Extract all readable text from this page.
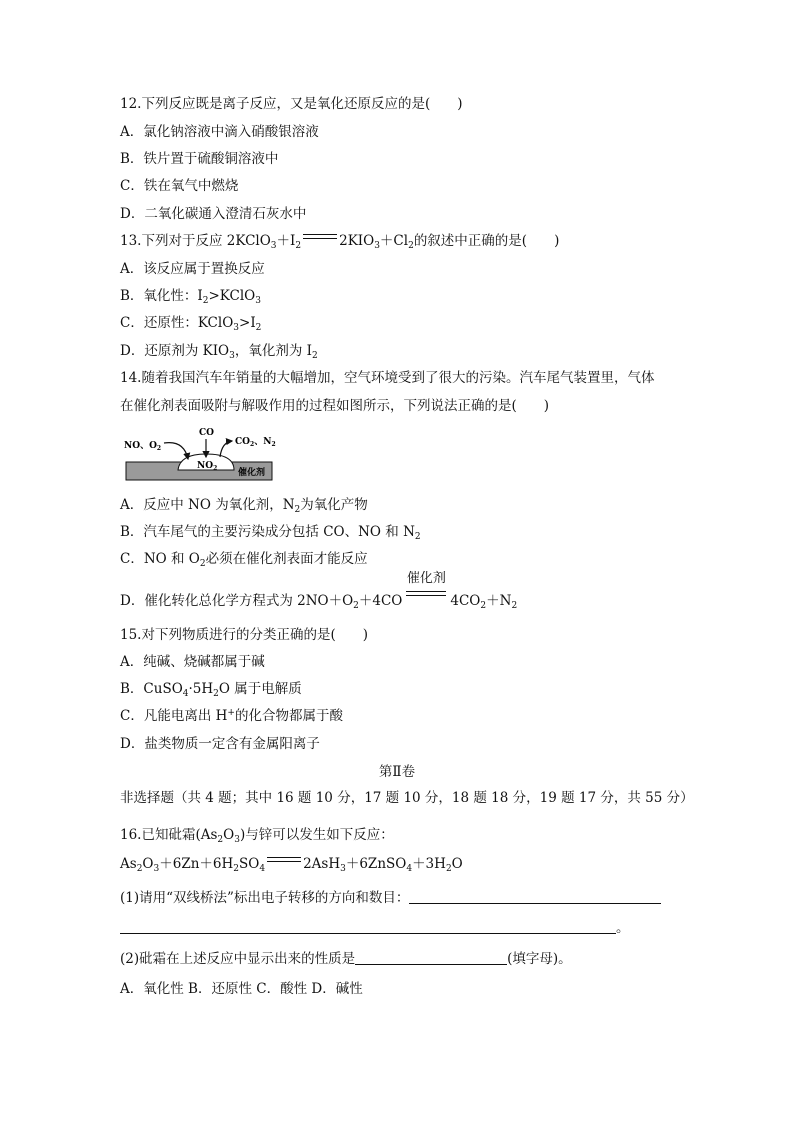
12.下列反应既是离子反应，又是氧化还原反应的是(　　)
A．氯化钠溶液中滴入硝酸银溶液
B．铁片置于硫酸铜溶液中
C．铁在氧气中燃烧
D．二氧化碳通入澄清石灰水中
13.下列对于反应 $2KClO_3+I_2$	$2KIO_3+Cl_2$的叙述中正确的是(　　)
A．该反应属于置换反应
B．氧化性：$I_2>KClO_3$
C．还原性：$KClO_3>I_2$
D．还原剂为 $KIO_3$，氧化剂为 $I_2$
14.随着我国汽车年销量的大幅增加，空气环境受到了很大的污染。汽车尾气装置里，气体
在催化剂表面吸附与解吸作用的过程如图所示，下列说法正确的是(　　)
NO、$O_2$
CO
$CO_2$、$N_2$
$NO_2$ 催化剂
A．反应中 NO 为氧化剂，$N_2$为氧化产物
B．汽车尾气的主要污染成分包括 CO、NO 和 $N_2$
C．NO 和 $O_2$必须在催化剂表面才能反应
D．催化转化总化学方程式为 $2NO+O_2+4CO$
催化剂
$4CO_2+N_2$
15.对下列物质进行的分类正确的是(　　)
A．纯碱、烧碱都属于碱
B．$CuSO_4\cdot 5H_2O$ 属于电解质
C．凡能电离出 H+的化合物都属于酸
D．盐类物质一定含有金属阳离子
第Ⅱ卷
非选择题（共 4 题；其中 16 题 10 分，17 题 10 分，18 题 18 分，19 题 17 分，共 55 分）
16.已知砒霜$(As_2O_3)$与锌可以发生如下反应：
$As_2O_3+6Zn+6H_2SO_4$	$2AsH_3+6ZnSO_4+3H_2O$
(1)请用“双线桥法”标出电子转移的方向和数目：
。
(2)砒霜在上述反应中显示出来的性质是	(填字母)。
A．氧化性 B．还原性 C．酸性 D．碱性
